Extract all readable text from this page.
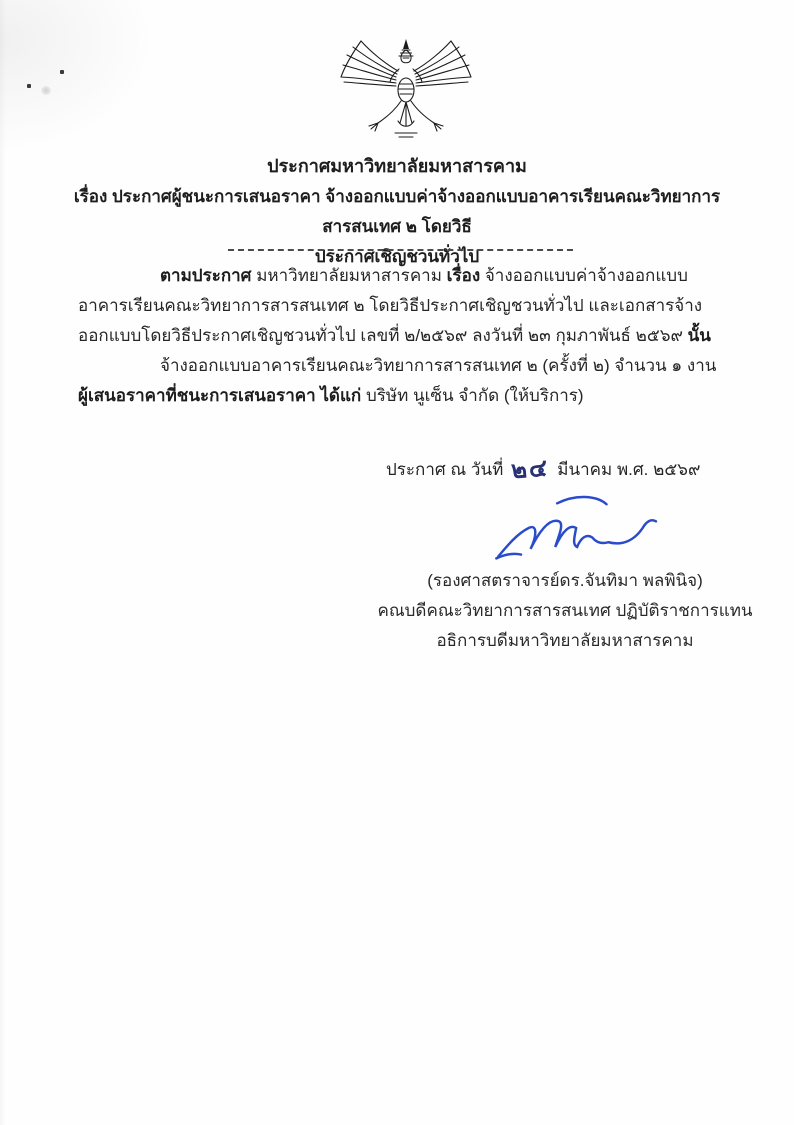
ประกาศมหาวิทยาลัยมหาสารคาม
เรื่อง ประกาศผู้ชนะการเสนอราคา จ้างออกแบบค่าจ้างออกแบบอาคารเรียนคณะวิทยาการสารสนเทศ ๒ โดยวิธี
ประกาศเชิญชวนทั่วไป

ตามประกาศ มหาวิทยาลัยมหาสารคาม เรื่อง จ้างออกแบบค่าจ้างออกแบบอาคารเรียนคณะวิทยาการสารสนเทศ ๒ โดยวิธีประกาศเชิญชวนทั่วไป และเอกสารจ้างออกแบบโดยวิธีประกาศเชิญชวนทั่วไป เลขที่ ๒/๒๕๖๙ ลงวันที่ ๒๓ กุมภาพันธ์ ๒๕๖๙ นั้น

จ้างออกแบบอาคารเรียนคณะวิทยาการสารสนเทศ ๒ (ครั้งที่ ๒) จำนวน ๑ งาน ผู้เสนอราคาที่ชนะการเสนอราคา ได้แก่ บริษัท นูเซ็น จำกัด (ให้บริการ)

ประกาศ ณ วันที่ ๒๔ มีนาคม พ.ศ. ๒๕๖๙
(รองศาสตราจารย์ดร.จันทิมา พลพินิจ)
คณบดีคณะวิทยาการสารสนเทศ ปฏิบัติราชการแทน
อธิการบดีมหาวิทยาลัยมหาสารคาม
